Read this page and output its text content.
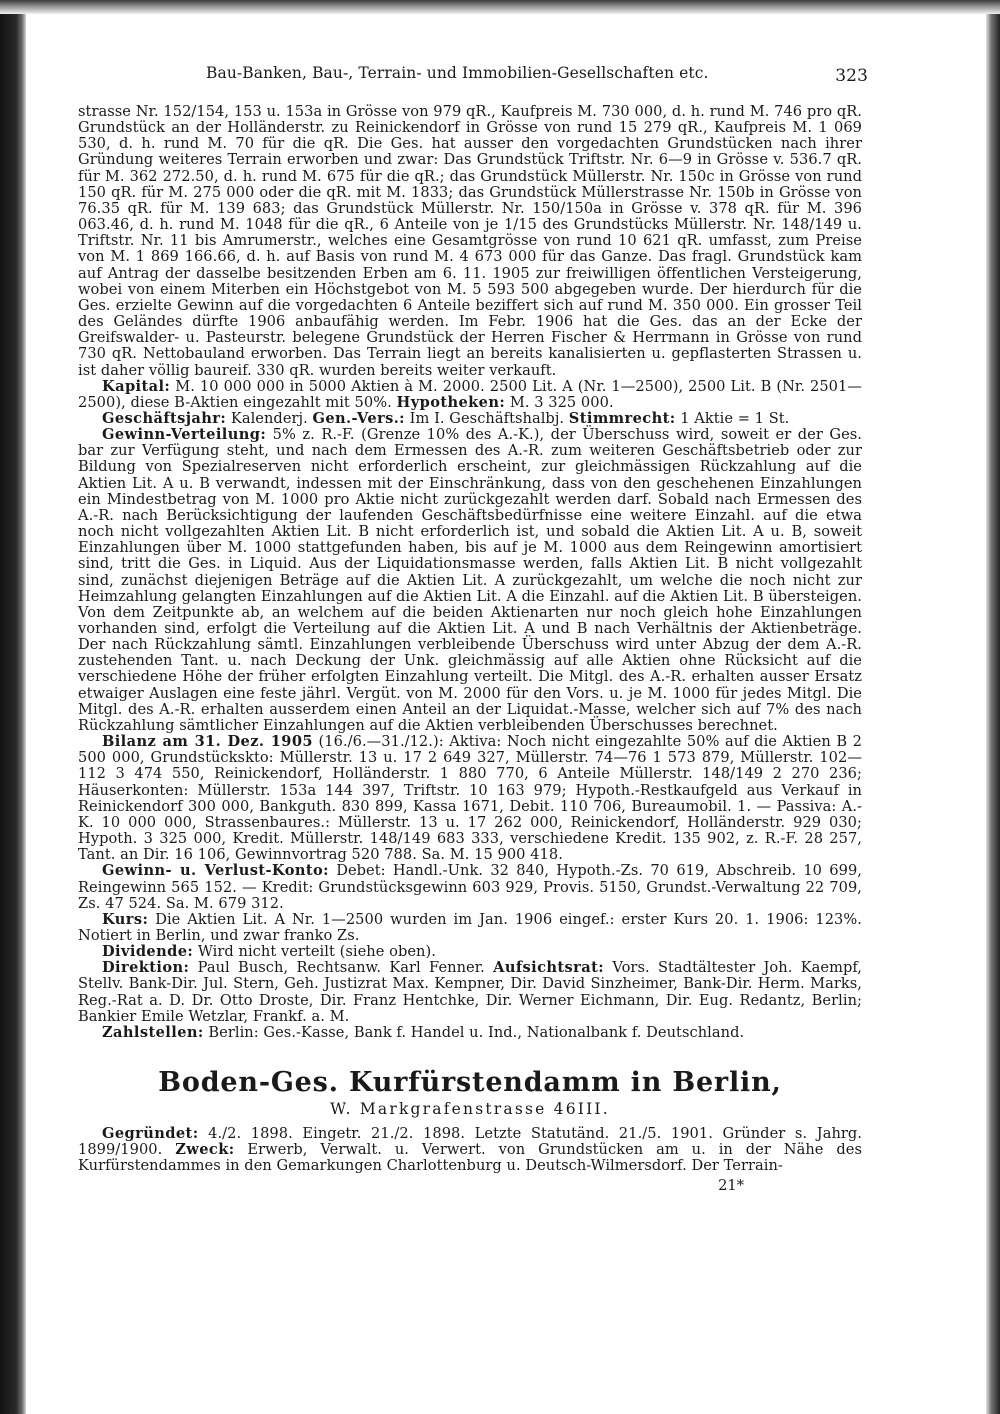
Bau-Banken, Bau-, Terrain- und Immobilien-Gesellschaften etc.	323

strasse Nr. 152/154, 153 u. 153a in Grösse von 979 qR., Kaufpreis M. 730 000, d. h. rund M. 746 pro qR. Grundstück an der Holländerstr. zu Reinickendorf in Grösse von rund 15 279 qR., Kaufpreis M. 1 069 530, d. h. rund M. 70 für die qR. Die Ges. hat ausser den vorgedachten Grundstücken nach ihrer Gründung weiteres Terrain erworben und zwar: Das Grundstück Triftstr. Nr. 6—9 in Grösse v. 536.7 qR. für M. 362 272.50, d. h. rund M. 675 für die qR.; das Grundstück Müllerstr. Nr. 150c in Grösse von rund 150 qR. für M. 275 000 oder die qR. mit M. 1833; das Grundstück Müllerstrasse Nr. 150b in Grösse von 76.35 qR. für M. 139 683; das Grundstück Müllerstr. Nr. 150/150a in Grösse v. 378 qR. für M. 396 063.46, d. h. rund M. 1048 für die qR., 6 Anteile von je 1/15 des Grundstücks Müllerstr. Nr. 148/149 u. Triftstr. Nr. 11 bis Amrumerstr., welches eine Gesamtgrösse von rund 10 621 qR. umfasst, zum Preise von M. 1 869 166.66, d. h. auf Basis von rund M. 4 673 000 für das Ganze. Das fragl. Grundstück kam auf Antrag der dasselbe besitzenden Erben am 6. 11. 1905 zur freiwilligen öffentlichen Versteigerung, wobei von einem Miterben ein Höchstgebot von M. 5 593 500 abgegeben wurde. Der hierdurch für die Ges. erzielte Gewinn auf die vorgedachten 6 Anteile beziffert sich auf rund M. 350 000. Ein grosser Teil des Geländes dürfte 1906 anbaufähig werden. Im Febr. 1906 hat die Ges. das an der Ecke der Greifswalder- u. Pasteurstr. belegene Grundstück der Herren Fischer & Herrmann in Grösse von rund 730 qR. Nettobauland erworben. Das Terrain liegt an bereits kanalisierten u. gepflasterten Strassen u. ist daher völlig baureif. 330 qR. wurden bereits weiter verkauft.

Kapital: M. 10 000 000 in 5000 Aktien à M. 2000. 2500 Lit. A (Nr. 1—2500), 2500 Lit. B (Nr. 2501—2500), diese B-Aktien eingezahlt mit 50%. Hypotheken: M. 3 325 000.

Geschäftsjahr: Kalenderj. Gen.-Vers.: Im I. Geschäftshalbj. Stimmrecht: 1 Aktie = 1 St.

Gewinn-Verteilung: 5% z. R.-F. (Grenze 10% des A.-K.), der Überschuss wird, soweit er der Ges. bar zur Verfügung steht, und nach dem Ermessen des A.-R. zum weiteren Geschäftsbetrieb oder zur Bildung von Spezialreserven nicht erforderlich erscheint, zur gleichmässigen Rückzahlung auf die Aktien Lit. A u. B verwandt, indessen mit der Einschränkung, dass von den geschehenen Einzahlungen ein Mindestbetrag von M. 1000 pro Aktie nicht zurückgezahlt werden darf. Sobald nach Ermessen des A.-R. nach Berücksichtigung der laufenden Geschäftsbedürfnisse eine weitere Einzahl. auf die etwa noch nicht vollgezahlten Aktien Lit. B nicht erforderlich ist, und sobald die Aktien Lit. A u. B, soweit Einzahlungen über M. 1000 stattgefunden haben, bis auf je M. 1000 aus dem Reingewinn amortisiert sind, tritt die Ges. in Liquid. Aus der Liquidationsmasse werden, falls Aktien Lit. B nicht vollgezahlt sind, zunächst diejenigen Beträge auf die Aktien Lit. A zurückgezahlt, um welche die noch nicht zur Heimzahlung gelangten Einzahlungen auf die Aktien Lit. A die Einzahl. auf die Aktien Lit. B übersteigen. Von dem Zeitpunkte ab, an welchem auf die beiden Aktienarten nur noch gleich hohe Einzahlungen vorhanden sind, erfolgt die Verteilung auf die Aktien Lit. A und B nach Verhältnis der Aktienbeträge. Der nach Rückzahlung sämtl. Einzahlungen verbleibende Überschuss wird unter Abzug der dem A.-R. zustehenden Tant. u. nach Deckung der Unk. gleichmässig auf alle Aktien ohne Rücksicht auf die verschiedene Höhe der früher erfolgten Einzahlung verteilt. Die Mitgl. des A.-R. erhalten ausser Ersatz etwaiger Auslagen eine feste jährl. Vergüt. von M. 2000 für den Vors. u. je M. 1000 für jedes Mitgl. Die Mitgl. des A.-R. erhalten ausserdem einen Anteil an der Liquidat.-Masse, welcher sich auf 7% des nach Rückzahlung sämtlicher Einzahlungen auf die Aktien verbleibenden Überschusses berechnet.

Bilanz am 31. Dez. 1905 (16./6.—31./12.): Aktiva: Noch nicht eingezahlte 50% auf die Aktien B 2 500 000, Grundstückskto: Müllerstr. 13 u. 17 2 649 327, Müllerstr. 74—76 1 573 879, Müllerstr. 102—112 3 474 550, Reinickendorf, Holländerstr. 1 880 770, 6 Anteile Müllerstr. 148/149 2 270 236; Häuserkonten: Müllerstr. 153a 144 397, Triftstr. 10 163 979; Hypoth.-Restkaufgeld aus Verkauf in Reinickendorf 300 000, Bankguth. 830 899, Kassa 1671, Debit. 110 706, Bureaumobil. 1. — Passiva: A.-K. 10 000 000, Strassenbaures.: Müllerstr. 13 u. 17 262 000, Reinickendorf, Holländerstr. 929 030; Hypoth. 3 325 000, Kredit. Müllerstr. 148/149 683 333, verschiedene Kredit. 135 902, z. R.-F. 28 257, Tant. an Dir. 16 106, Gewinnvortrag 520 788. Sa. M. 15 900 418.

Gewinn- u. Verlust-Konto: Debet: Handl.-Unk. 32 840, Hypoth.-Zs. 70 619, Abschreib. 10 699, Reingewinn 565 152. — Kredit: Grundstücksgewinn 603 929, Provis. 5150, Grundst.-Verwaltung 22 709, Zs. 47 524. Sa. M. 679 312.

Kurs: Die Aktien Lit. A Nr. 1—2500 wurden im Jan. 1906 eingef.: erster Kurs 20. 1. 1906: 123%. Notiert in Berlin, und zwar franko Zs.

Dividende: Wird nicht verteilt (siehe oben).

Direktion: Paul Busch, Rechtsanw. Karl Fenner. Aufsichtsrat: Vors. Stadtältester Joh. Kaempf, Stellv. Bank-Dir. Jul. Stern, Geh. Justizrat Max. Kempner, Dir. David Sinzheimer, Bank-Dir. Herm. Marks, Reg.-Rat a. D. Dr. Otto Droste, Dir. Franz Hentchke, Dir. Werner Eichmann, Dir. Eug. Redantz, Berlin; Bankier Emile Wetzlar, Frankf. a. M.

Zahlstellen: Berlin: Ges.-Kasse, Bank f. Handel u. Ind., Nationalbank f. Deutschland.

Boden-Ges. Kurfürstendamm in Berlin,
W. Markgrafenstrasse 46III.

Gegründet: 4./2. 1898. Eingetr. 21./2. 1898. Letzte Statutänd. 21./5. 1901. Gründer s. Jahrg. 1899/1900. Zweck: Erwerb, Verwalt. u. Verwert. von Grundstücken am u. in der Nähe des Kurfürstendammes in den Gemarkungen Charlottenburg u. Deutsch-Wilmersdorf. Der Terrain-

21*
